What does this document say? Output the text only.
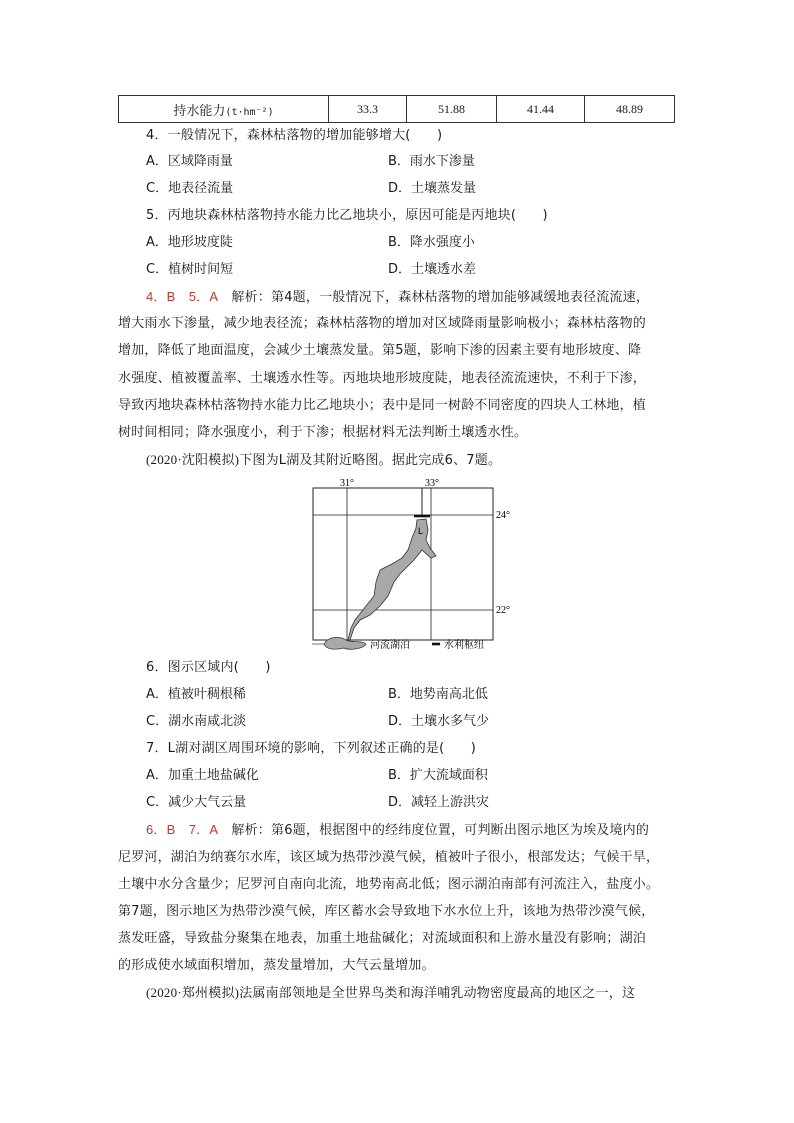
持水能力(t·hm⁻²)	33.3	51.88	41.44	48.89
4．一般情况下，森林枯落物的增加能够增大(　　)
A．区域降雨量	B．雨水下渗量
C．地表径流量	D．土壤蒸发量
5．丙地块森林枯落物持水能力比乙地块小，原因可能是丙地块(　　)
A．地形坡度陡	B．降水强度小
C．植树时间短	D．土壤透水差
4．B　5．A　解析：第4题，一般情况下，森林枯落物的增加能够减缓地表径流流速，
增大雨水下渗量，减少地表径流；森林枯落物的增加对区域降雨量影响极小；森林枯落物的
增加，降低了地面温度，会减少土壤蒸发量。第5题，影响下渗的因素主要有地形坡度、降
水强度、植被覆盖率、土壤透水性等。丙地块地形坡度陡，地表径流流速快，不利于下渗，
导致丙地块森林枯落物持水能力比乙地块小；表中是同一树龄不同密度的四块人工林地，植
树时间相同；降水强度小，利于下渗；根据材料无法判断土壤透水性。
(2020·沈阳模拟)下图为L湖及其附近略图。据此完成6、7题。
31°	33°
24°
22°
L
河流湖泊	水利枢纽
6．图示区域内(　　)
A．植被叶稠根稀	B．地势南高北低
C．湖水南咸北淡	D．土壤水多气少
7．L湖对湖区周围环境的影响，下列叙述正确的是(　　)
A．加重土地盐碱化	B．扩大流域面积
C．减少大气云量	D．减轻上游洪灾
6．B　7．A　解析：第6题，根据图中的经纬度位置，可判断出图示地区为埃及境内的
尼罗河，湖泊为纳赛尔水库，该区域为热带沙漠气候，植被叶子很小，根部发达；气候干旱，
土壤中水分含量少；尼罗河自南向北流，地势南高北低；图示湖泊南部有河流注入，盐度小。
第7题，图示地区为热带沙漠气候，库区蓄水会导致地下水水位上升，该地为热带沙漠气候，
蒸发旺盛，导致盐分聚集在地表，加重土地盐碱化；对流域面积和上游水量没有影响；湖泊
的形成使水域面积增加，蒸发量增加，大气云量增加。
(2020·郑州模拟)法属南部领地是全世界鸟类和海洋哺乳动物密度最高的地区之一，这
